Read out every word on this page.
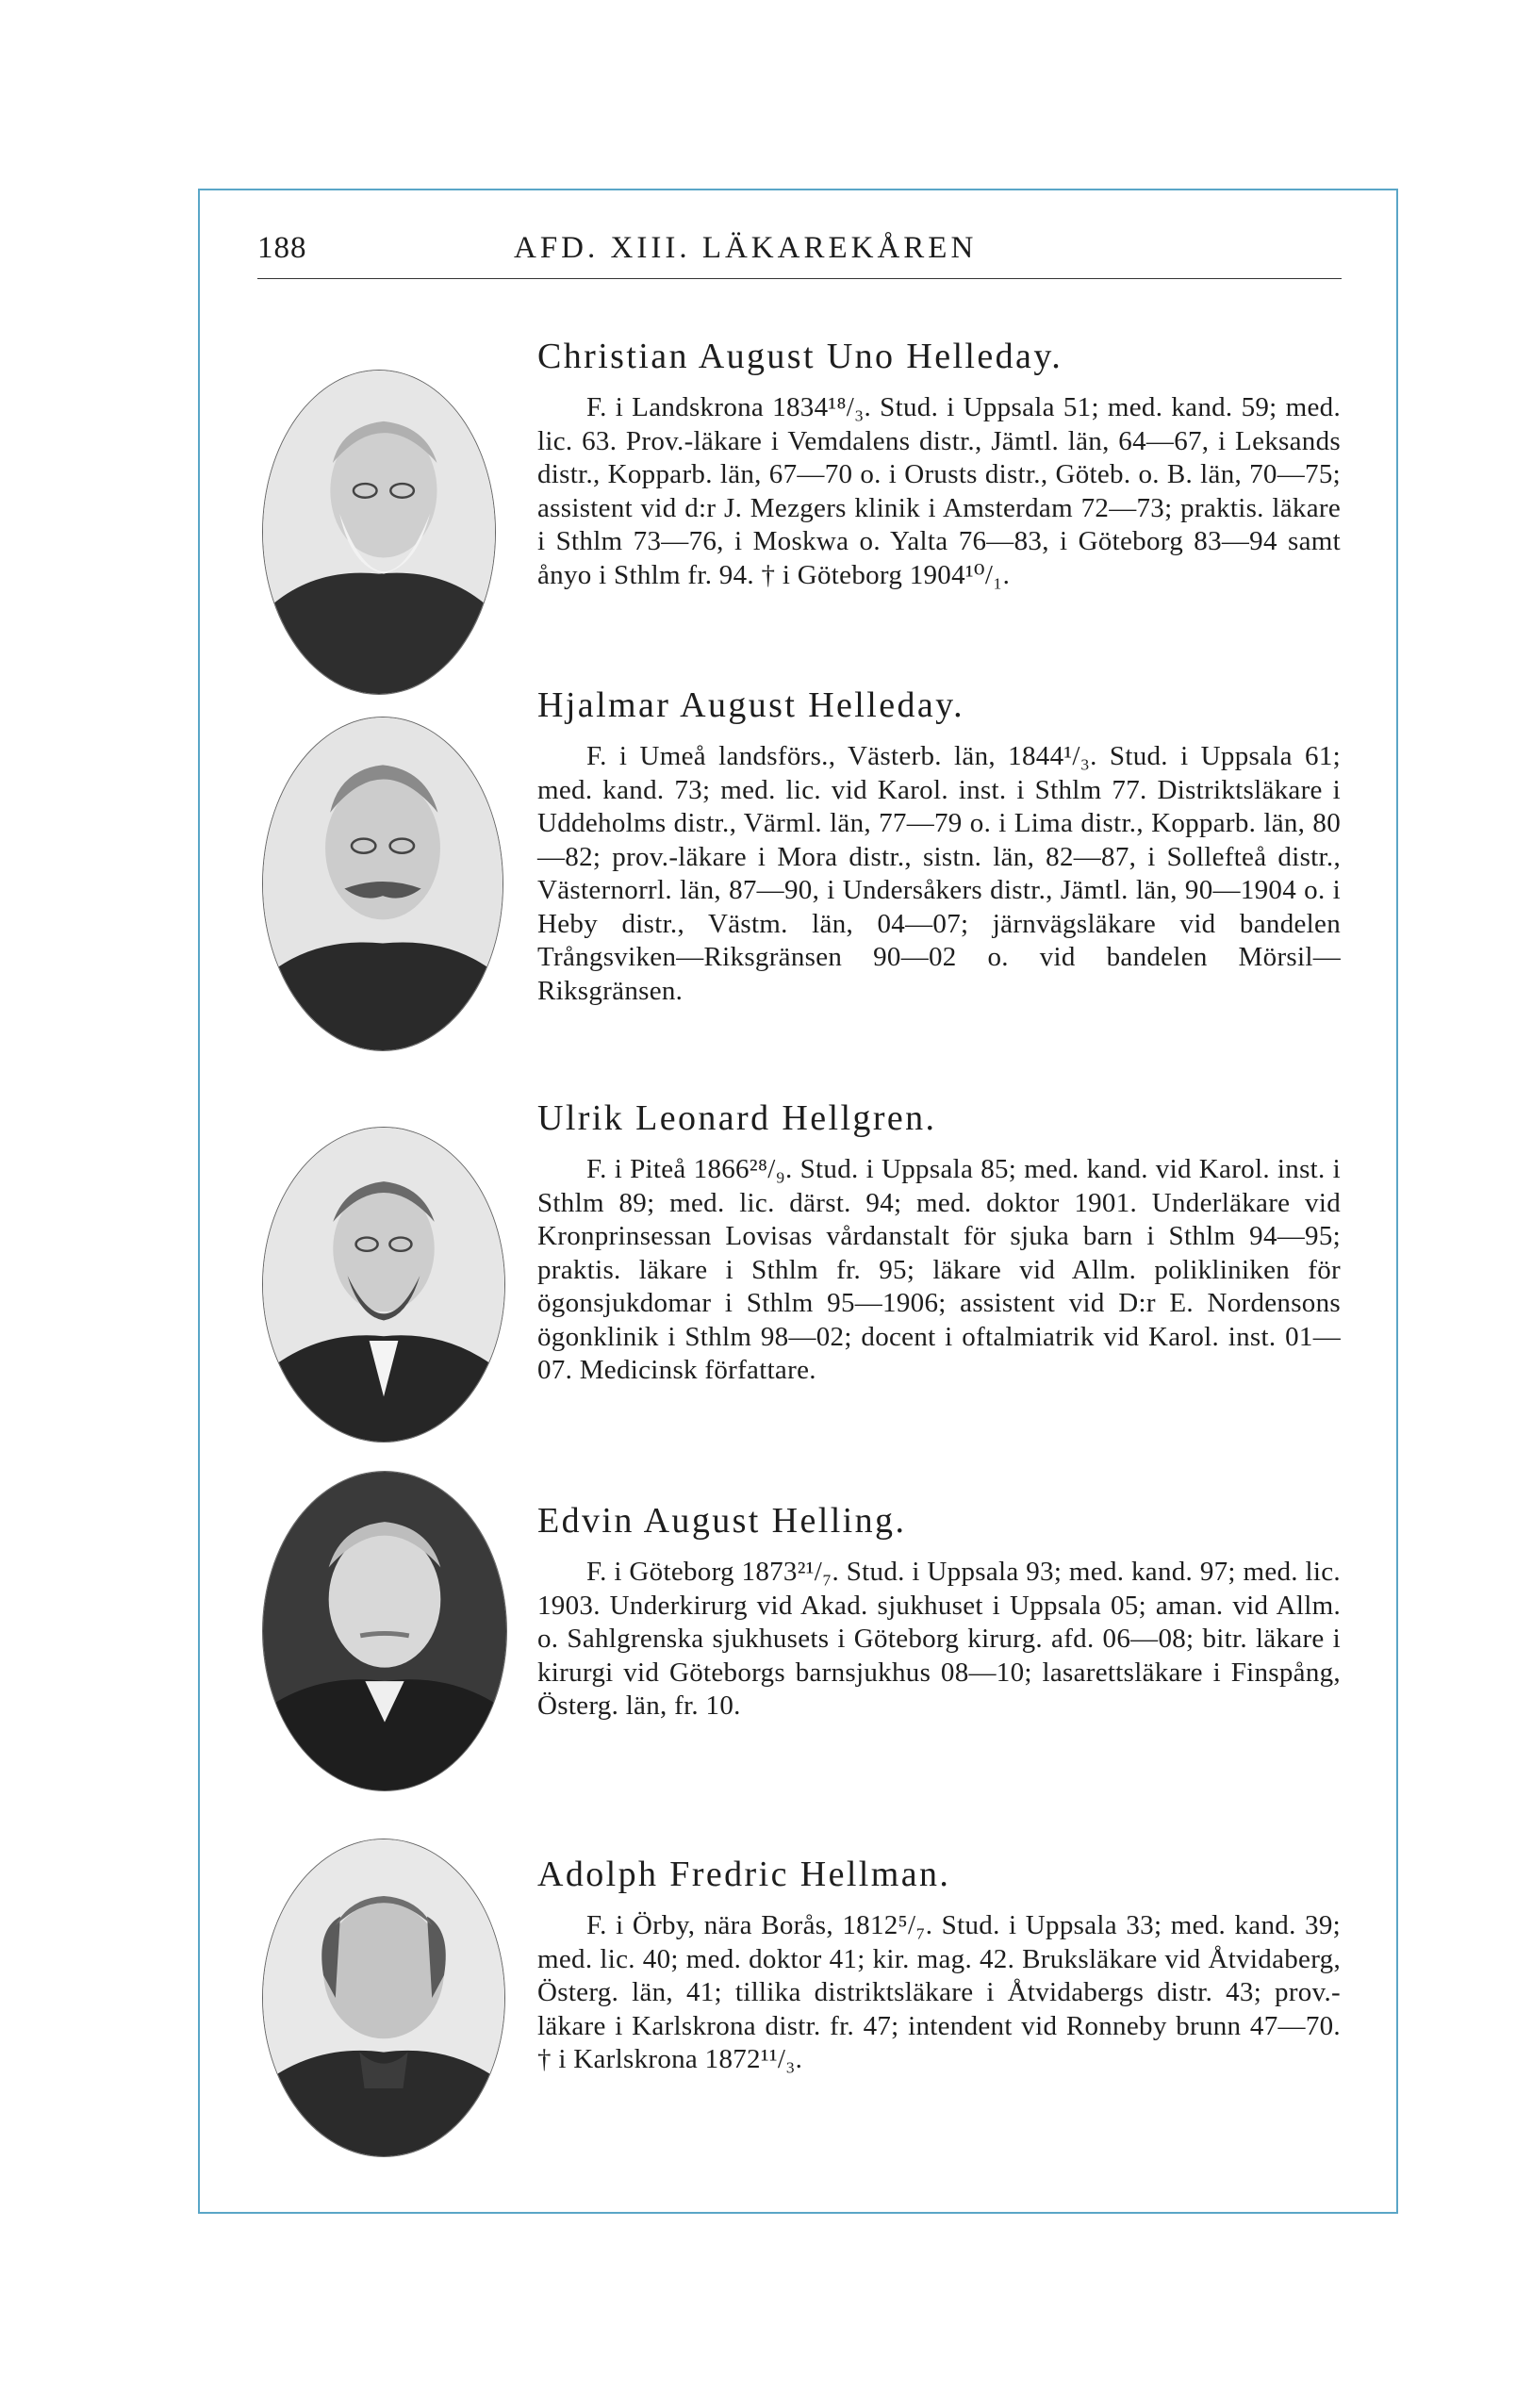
188	AFD. XIII. LÄKAREKÅREN
Christian August Uno Helleday.

F. i Landskrona 1834¹⁸/₃. Stud. i Uppsala 51; med. kand. 59; med. lic. 63. Prov.-läkare i Vemdalens distr., Jämtl. län, 64—67, i Leksands distr., Kopparb. län, 67—70 o. i Orusts distr., Göteb. o. B. län, 70—75; assistent vid d:r J. Mezgers klinik i Amsterdam 72—73; praktis. läkare i Sthlm 73—76, i Moskwa o. Yalta 76—83, i Göteborg 83—94 samt ånyo i Sthlm fr. 94. † i Göteborg 1904¹⁰/₁.

Hjalmar August Helleday.

F. i Umeå landsförs., Västerb. län, 1844¹/₃. Stud. i Uppsala 61; med. kand. 73; med. lic. vid Karol. inst. i Sthlm 77. Distriktsläkare i Uddeholms distr., Värml. län, 77—79 o. i Lima distr., Kopparb. län, 80—82; prov.-läkare i Mora distr., sistn. län, 82—87, i Sollefteå distr., Västernorrl. län, 87—90, i Undersåkers distr., Jämtl. län, 90—1904 o. i Heby distr., Västm. län, 04—07; järnvägsläkare vid bandelen Trångsviken—Riksgränsen 90—02 o. vid bandelen Mörsil—Riksgränsen.

Ulrik Leonard Hellgren.

F. i Piteå 1866²⁸/₉. Stud. i Uppsala 85; med. kand. vid Karol. inst. i Sthlm 89; med. lic. därst. 94; med. doktor 1901. Underläkare vid Kronprinsessan Lovisas vårdanstalt för sjuka barn i Sthlm 94—95; praktis. läkare i Sthlm fr. 95; läkare vid Allm. polikliniken för ögonsjukdomar i Sthlm 95—1906; assistent vid D:r E. Nordensons ögonklinik i Sthlm 98—02; docent i oftalmiatrik vid Karol. inst. 01—07. Medicinsk författare.

Edvin August Helling.

F. i Göteborg 1873²¹/₇. Stud. i Uppsala 93; med. kand. 97; med. lic. 1903. Underkirurg vid Akad. sjukhuset i Uppsala 05; aman. vid Allm. o. Sahlgrenska sjukhusets i Göteborg kirurg. afd. 06—08; bitr. läkare i kirurgi vid Göteborgs barnsjukhus 08—10; lasarettsläkare i Finspång, Österg. län, fr. 10.

Adolph Fredric Hellman.

F. i Örby, nära Borås, 1812⁵/₇. Stud. i Uppsala 33; med. kand. 39; med. lic. 40; med. doktor 41; kir. mag. 42. Bruksläkare vid Åtvidaberg, Österg. län, 41; tillika distriktsläkare i Åtvidabergs distr. 43; prov.-läkare i Karlskrona distr. fr. 47; intendent vid Ronneby brunn 47—70. † i Karlskrona 1872¹¹/₃.
